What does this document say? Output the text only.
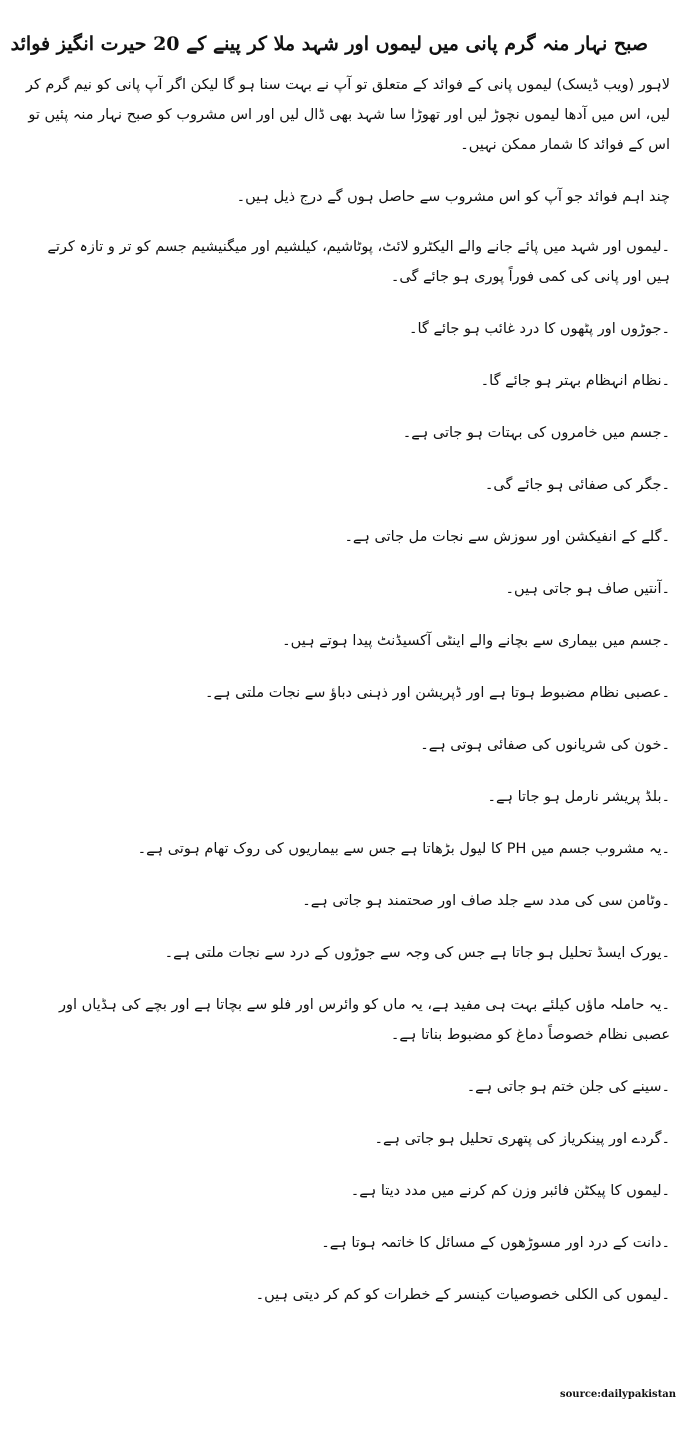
صبح نہار منہ گرم پانی میں لیموں اور شہد ملا کر پینے کے 20 حیرت انگیز فوائد

لاہور (ویب ڈیسک) لیموں پانی کے فوائد کے متعلق تو آپ نے بہت سنا ہو گا لیکن اگر آپ پانی کو نیم گرم کر لیں، اس میں آدھا لیموں نچوڑ لیں اور تھوڑا سا شہد بھی ڈال لیں اور اس مشروب کو صبح نہار منہ پئیں تو اس کے فوائد کا شمار ممکن نہیں۔

چند اہم فوائد جو آپ کو اس مشروب سے حاصل ہوں گے درج ذیل ہیں۔

۔لیموں اور شہد میں پائے جانے والے الیکٹرو لائٹ، پوٹاشیم، کیلشیم اور میگنیشیم جسم کو تر و تازہ کرتے ہیں اور پانی کی کمی فوراً پوری ہو جائے گی۔
۔جوڑوں اور پٹھوں کا درد غائب ہو جائے گا۔
۔نظام انہظام بہتر ہو جائے گا۔
۔جسم میں خامروں کی بہتات ہو جاتی ہے۔
۔جگر کی صفائی ہو جائے گی۔
۔گلے کے انفیکشن اور سوزش سے نجات مل جاتی ہے۔
۔آنتیں صاف ہو جاتی ہیں۔
۔جسم میں بیماری سے بچانے والے اینٹی آکسیڈنٹ پیدا ہوتے ہیں۔
۔عصبی نظام مضبوط ہوتا ہے اور ڈپریشن اور ذہنی دباؤ سے نجات ملتی ہے۔
۔خون کی شریانوں کی صفائی ہوتی ہے۔
۔بلڈ پریشر نارمل ہو جاتا ہے۔
۔یہ مشروب جسم میں PH کا لیول بڑھاتا ہے جس سے بیماریوں کی روک تھام ہوتی ہے۔
۔وٹامن سی کی مدد سے جلد صاف اور صحتمند ہو جاتی ہے۔
۔یورک ایسڈ تحلیل ہو جاتا ہے جس کی وجہ سے جوڑوں کے درد سے نجات ملتی ہے۔
۔یہ حاملہ ماؤں کیلئے بہت ہی مفید ہے، یہ ماں کو وائرس اور فلو سے بچاتا ہے اور بچے کی ہڈیاں اور عصبی نظام خصوصاً دماغ کو مضبوط بناتا ہے۔
۔سینے کی جلن ختم ہو جاتی ہے۔
۔گردے اور پینکریاز کی پتھری تحلیل ہو جاتی ہے۔
۔لیموں کا پیکٹن فائبر وزن کم کرنے میں مدد دیتا ہے۔
۔دانت کے درد اور مسوڑھوں کے مسائل کا خاتمہ ہوتا ہے۔
۔لیموں کی الکلی خصوصیات کینسر کے خطرات کو کم کر دیتی ہیں۔
source:dailypakistan
